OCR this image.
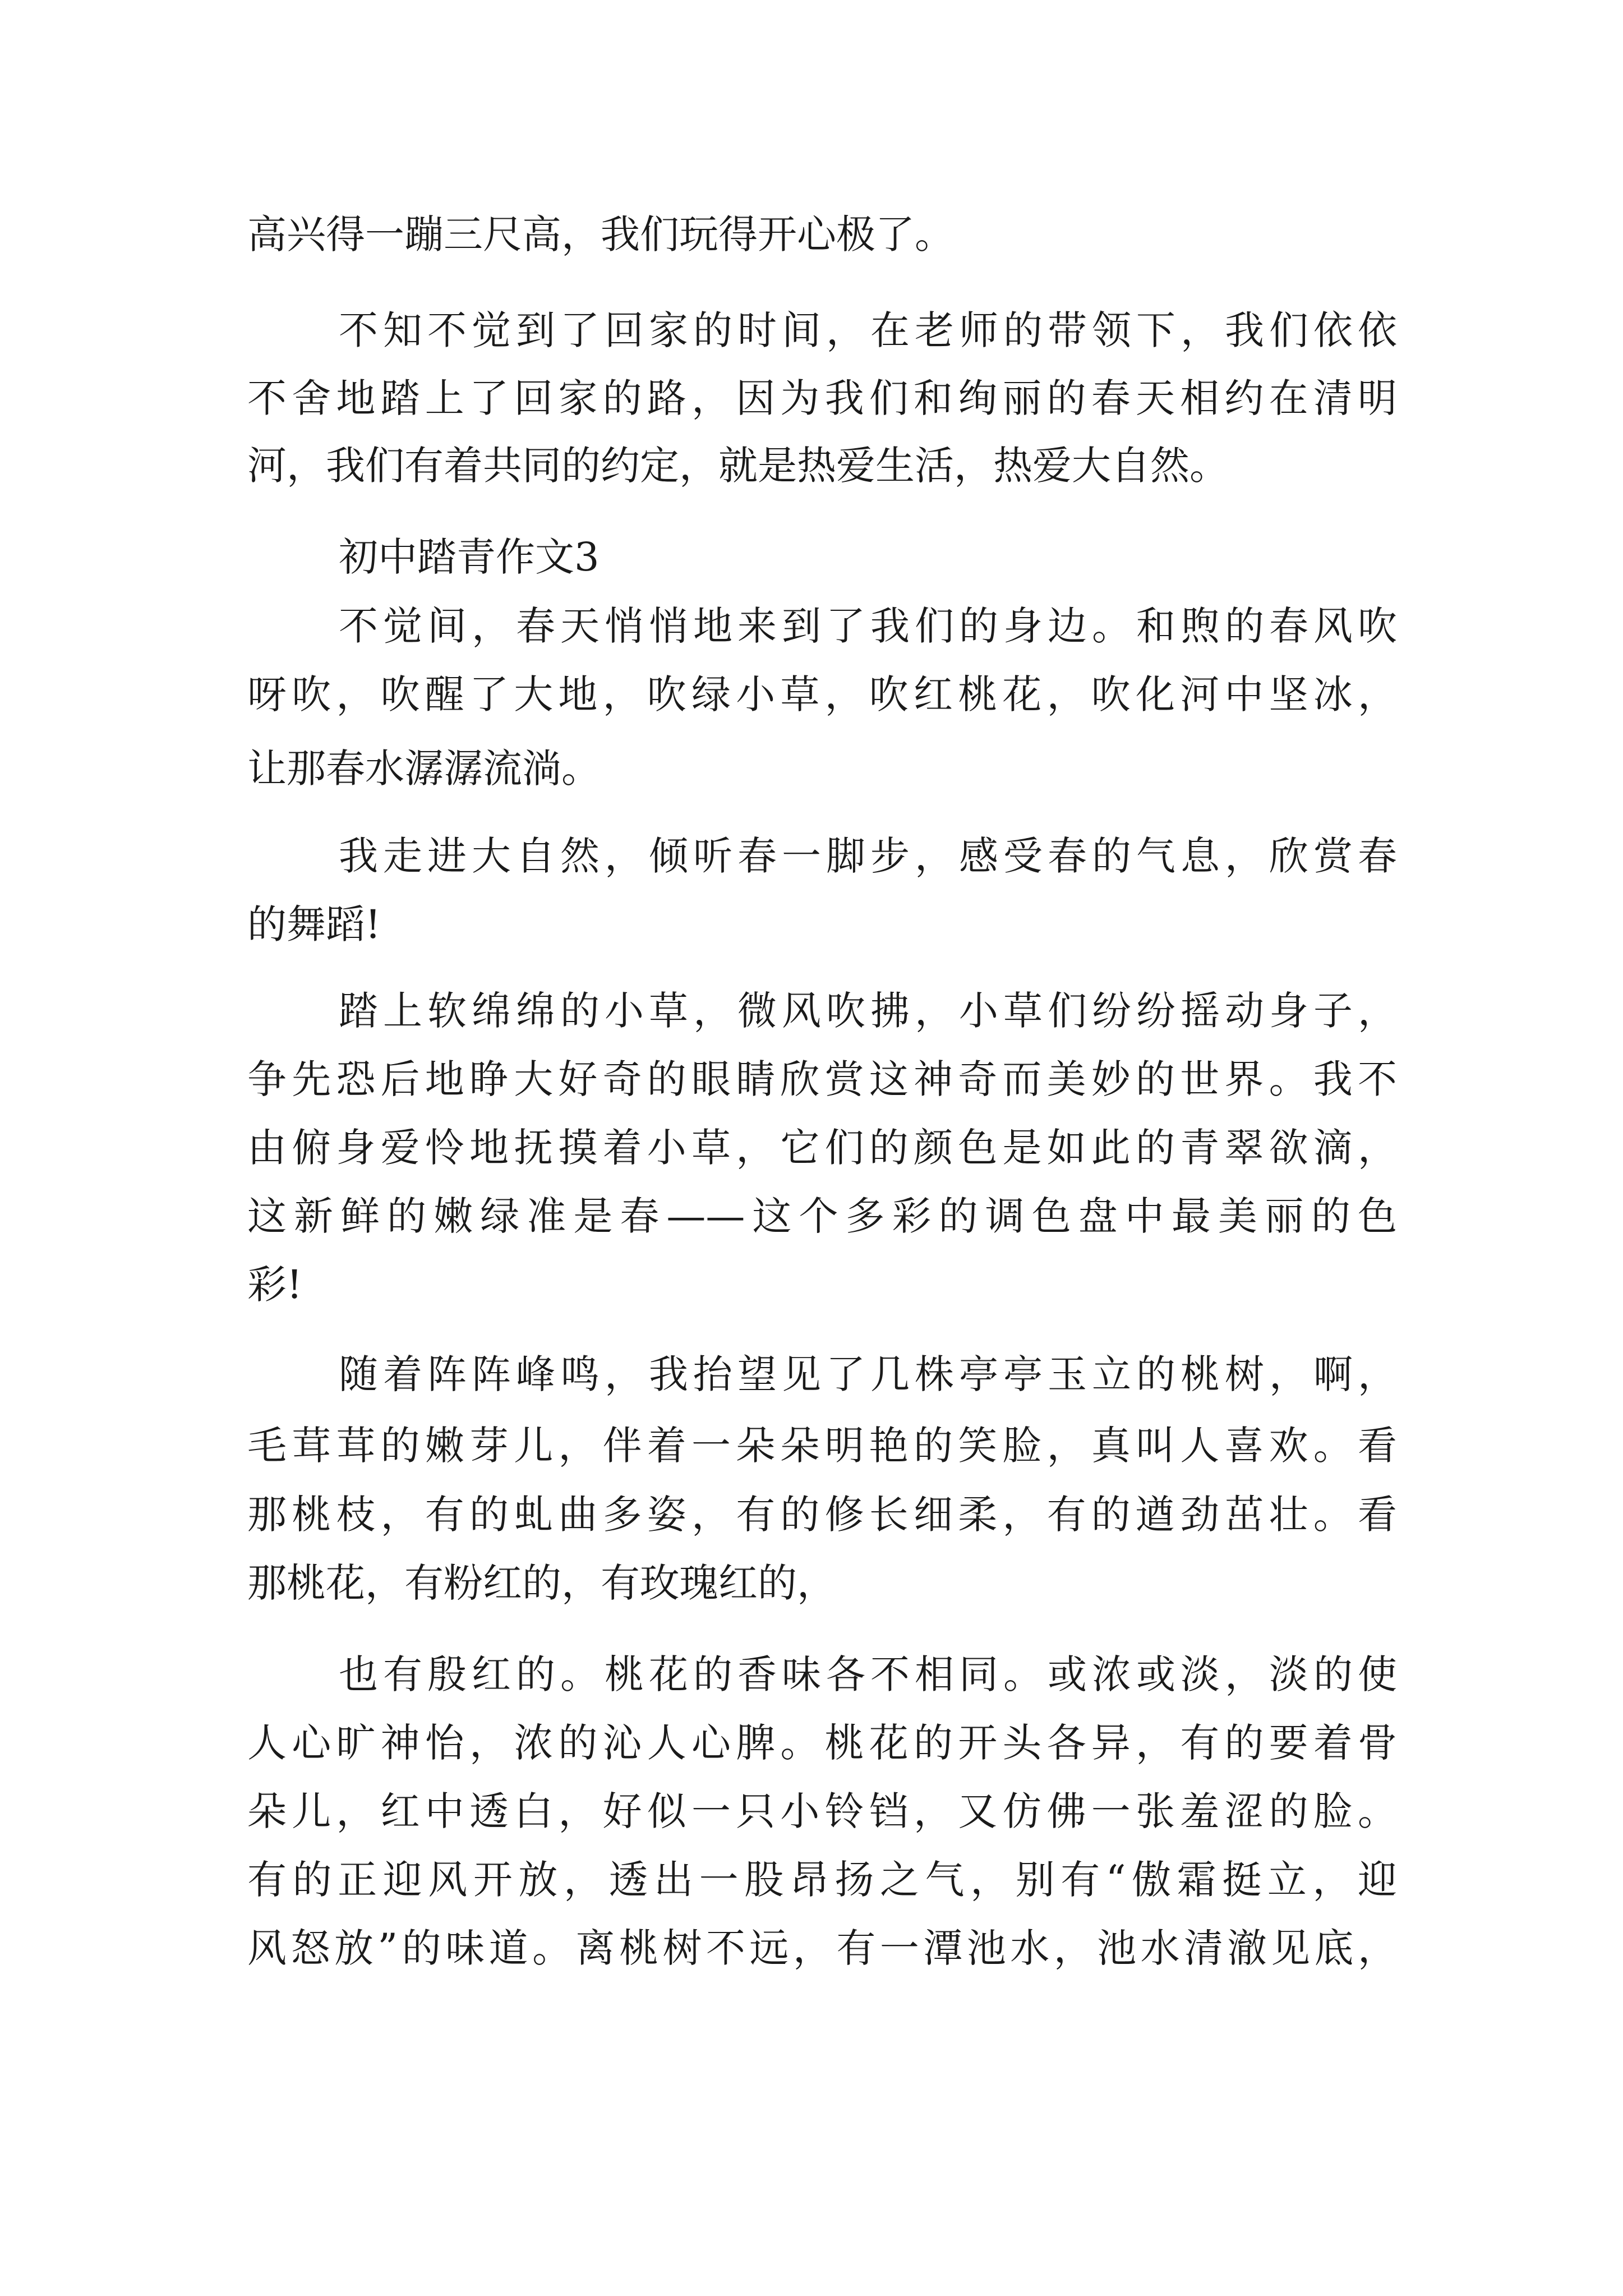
高兴得一蹦三尺高，我们玩得开心极了。
不知不觉到了回家的时间，在老师的带领下，我们依依
不舍地踏上了回家的路，因为我们和绚丽的春天相约在清明
河，我们有着共同的约定，就是热爱生活，热爱大自然。
初中踏青作文3
不觉间，春天悄悄地来到了我们的身边。和煦的春风吹
呀吹，吹醒了大地，吹绿小草，吹红桃花，吹化河中坚冰，
让那春水潺潺流淌。
我走进大自然，倾听春一脚步，感受春的气息，欣赏春
的舞蹈!
踏上软绵绵的小草，微风吹拂，小草们纷纷摇动身子，
争先恐后地睁大好奇的眼睛欣赏这神奇而美妙的世界。我不
由俯身爱怜地抚摸着小草，它们的颜色是如此的青翠欲滴，
这新鲜的嫩绿准是春——这个多彩的调色盘中最美丽的色
彩!
随着阵阵峰鸣，我抬望见了几株亭亭玉立的桃树，啊，
毛茸茸的嫩芽儿，伴着一朵朵明艳的笑脸，真叫人喜欢。看
那桃枝，有的虬曲多姿，有的修长细柔，有的遒劲茁壮。看
那桃花，有粉红的，有玫瑰红的，
也有殷红的。桃花的香味各不相同。或浓或淡，淡的使
人心旷神怡，浓的沁人心脾。桃花的开头各异，有的要着骨
朵儿，红中透白，好似一只小铃铛，又仿佛一张羞涩的脸。
有的正迎风开放，透出一股昂扬之气，别有“傲霜挺立，迎
风怒放”的味道。离桃树不远，有一潭池水，池水清澈见底，
